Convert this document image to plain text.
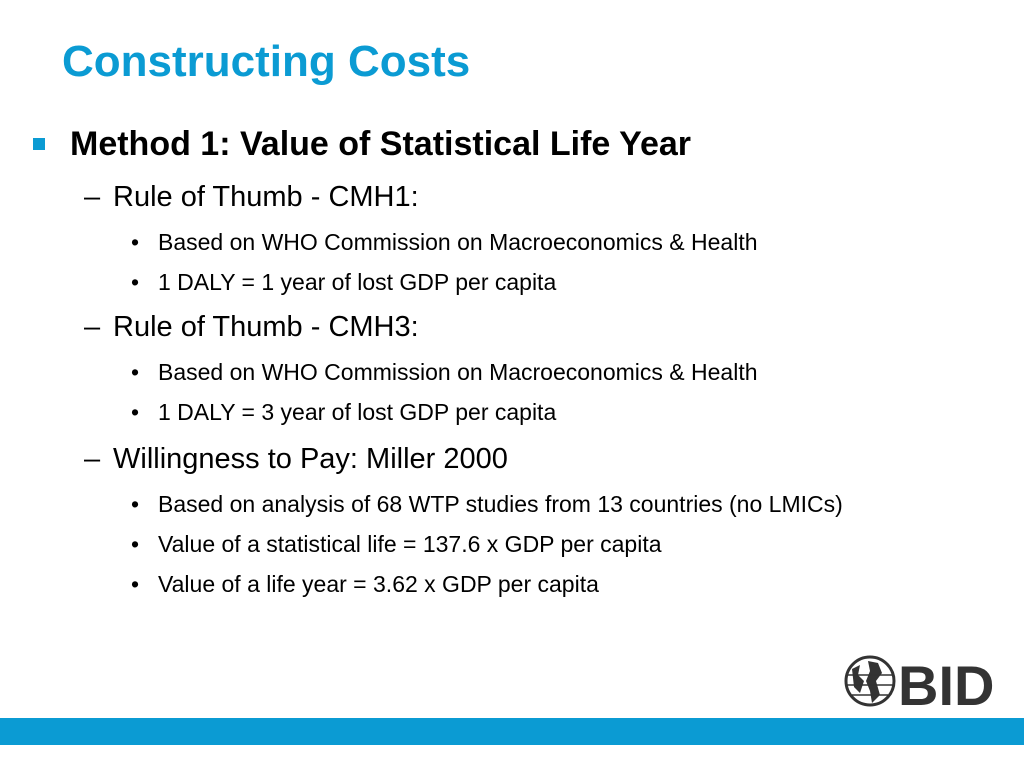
Constructing Costs
Method 1: Value of Statistical Life Year
– Rule of Thumb - CMH1:
• Based on WHO Commission on Macroeconomics & Health
• 1 DALY = 1 year of lost GDP per capita
– Rule of Thumb - CMH3:
• Based on WHO Commission on Macroeconomics & Health
• 1 DALY = 3 year of lost GDP per capita
– Willingness to Pay: Miller 2000
• Based on analysis of 68 WTP studies from 13 countries (no LMICs)
• Value of a statistical life = 137.6 x GDP per capita
• Value of a life year = 3.62 x GDP per capita
BID
